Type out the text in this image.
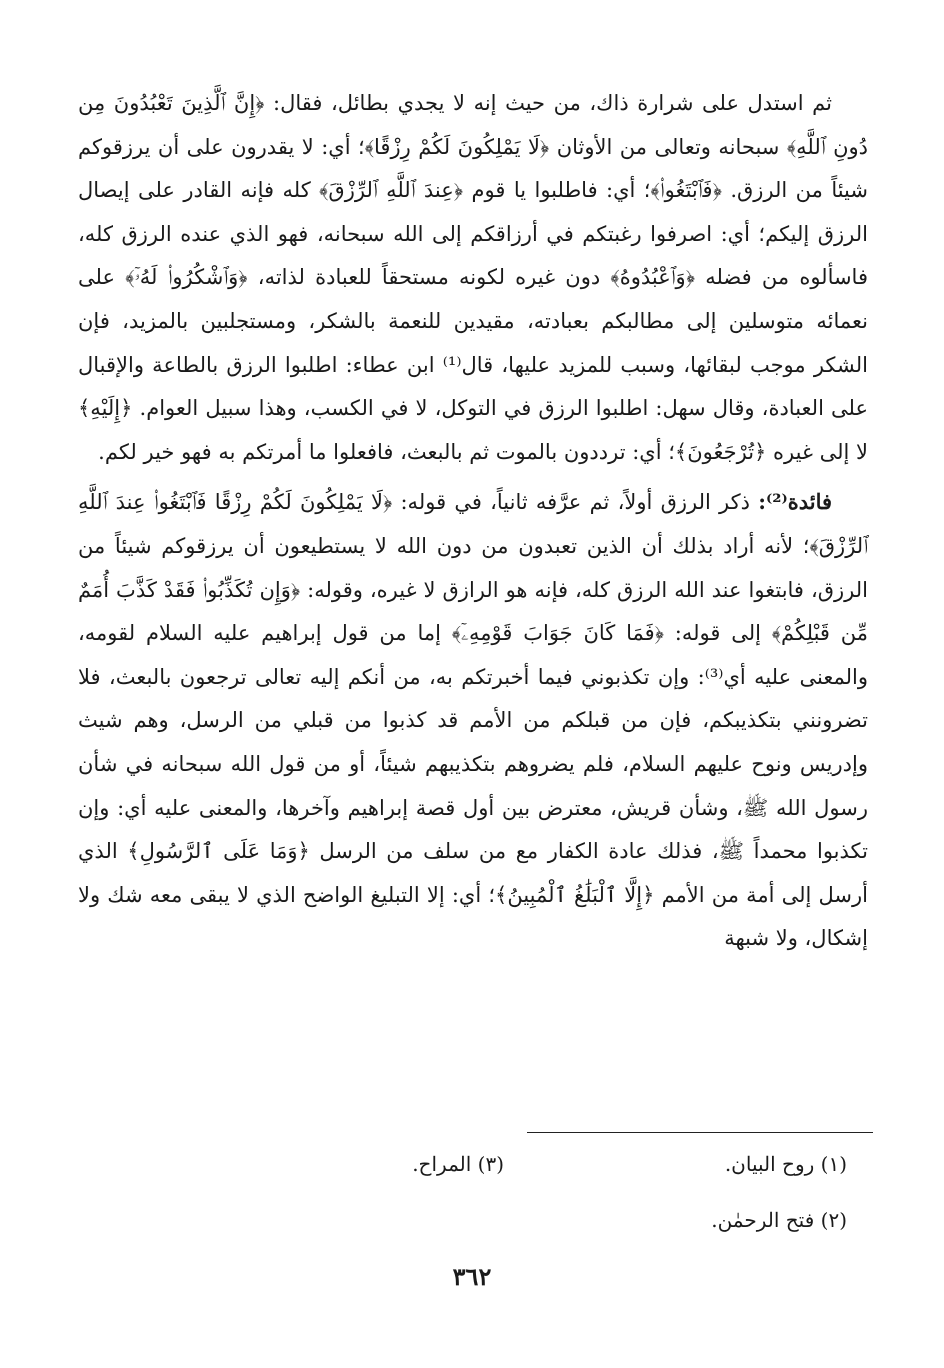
ثم استدل على شرارة ذاك، من حيث إنه لا يجدي بطائل، فقال: ﴿إِنَّ ٱلَّذِينَ تَعْبُدُونَ مِن دُونِ ٱللَّهِ﴾ سبحانه وتعالى من الأوثان ﴿لَا يَمْلِكُونَ لَكُمْ رِزْقًا﴾؛ أي: لا يقدرون على أن يرزقوكم شيئاً من الرزق. ﴿فَٱبْتَغُوا۟﴾؛ أي: فاطلبوا يا قوم ﴿عِندَ ٱللَّهِ ٱلرِّزْقَ﴾ كله فإنه القادر على إيصال الرزق إليكم؛ أي: اصرفوا رغبتكم في أرزاقكم إلى الله سبحانه، فهو الذي عنده الرزق كله، فاسألوه من فضله ﴿وَٱعْبُدُوهُ﴾ دون غيره لكونه مستحقاً للعبادة لذاته، ﴿وَٱشْكُرُوا۟ لَهُۥٓ﴾ على نعمائه متوسلين إلى مطالبكم بعبادته، مقيدين للنعمة بالشكر، ومستجلبين بالمزيد، فإن الشكر موجب لبقائها، وسبب للمزيد عليها، قال⁽¹⁾ ابن عطاء: اطلبوا الرزق بالطاعة والإقبال على العبادة، وقال سهل: اطلبوا الرزق في التوكل، لا في الكسب، وهذا سبيل العوام. ﴿إِلَيْهِ﴾ لا إلى غيره ﴿تُرْجَعُونَ﴾؛ أي: ترددون بالموت ثم بالبعث، فافعلوا ما أمرتكم به فهو خير لكم.

فائدة⁽²⁾: ذكر الرزق أولاً، ثم عرَّفه ثانياً، في قوله: ﴿لَا يَمْلِكُونَ لَكُمْ رِزْقًا فَٱبْتَغُوا۟ عِندَ ٱللَّهِ ٱلرِّزْقَ﴾؛ لأنه أراد بذلك أن الذين تعبدون من دون الله لا يستطيعون أن يرزقوكم شيئاً من الرزق، فابتغوا عند الله الرزق كله، فإنه هو الرازق لا غيره، وقوله: ﴿وَإِن تُكَذِّبُوا۟ فَقَدْ كَذَّبَ أُمَمٌ مِّن قَبْلِكُمْ﴾ إلى قوله: ﴿فَمَا كَانَ جَوَابَ قَوْمِهِۦٓ﴾ إما من قول إبراهيم عليه السلام لقومه، والمعنى عليه أي⁽³⁾: وإن تكذبوني فيما أخبرتكم به، من أنكم إليه تعالى ترجعون بالبعث، فلا تضرونني بتكذيبكم، فإن من قبلكم من الأمم قد كذبوا من قبلي من الرسل، وهم شيث وإدريس ونوح عليهم السلام، فلم يضروهم بتكذيبهم شيئاً، أو من قول الله سبحانه في شأن رسول الله ﷺ، وشأن قريش، معترض بين أول قصة إبراهيم وآخرها، والمعنى عليه أي: وإن تكذبوا محمداً ﷺ، فذلك عادة الكفار مع من سلف من الرسل ﴿وَمَا عَلَى ٱلرَّسُولِ﴾ الذي أرسل إلى أمة من الأمم ﴿إِلَّا ٱلْبَلَٰغُ ٱلْمُبِينُ﴾؛ أي: إلا التبليغ الواضح الذي لا يبقى معه شك ولا إشكال، ولا شبهة

(١) روح البيان.
(٣) المراح.
(٢) فتح الرحمٰن.
٣٦٢
